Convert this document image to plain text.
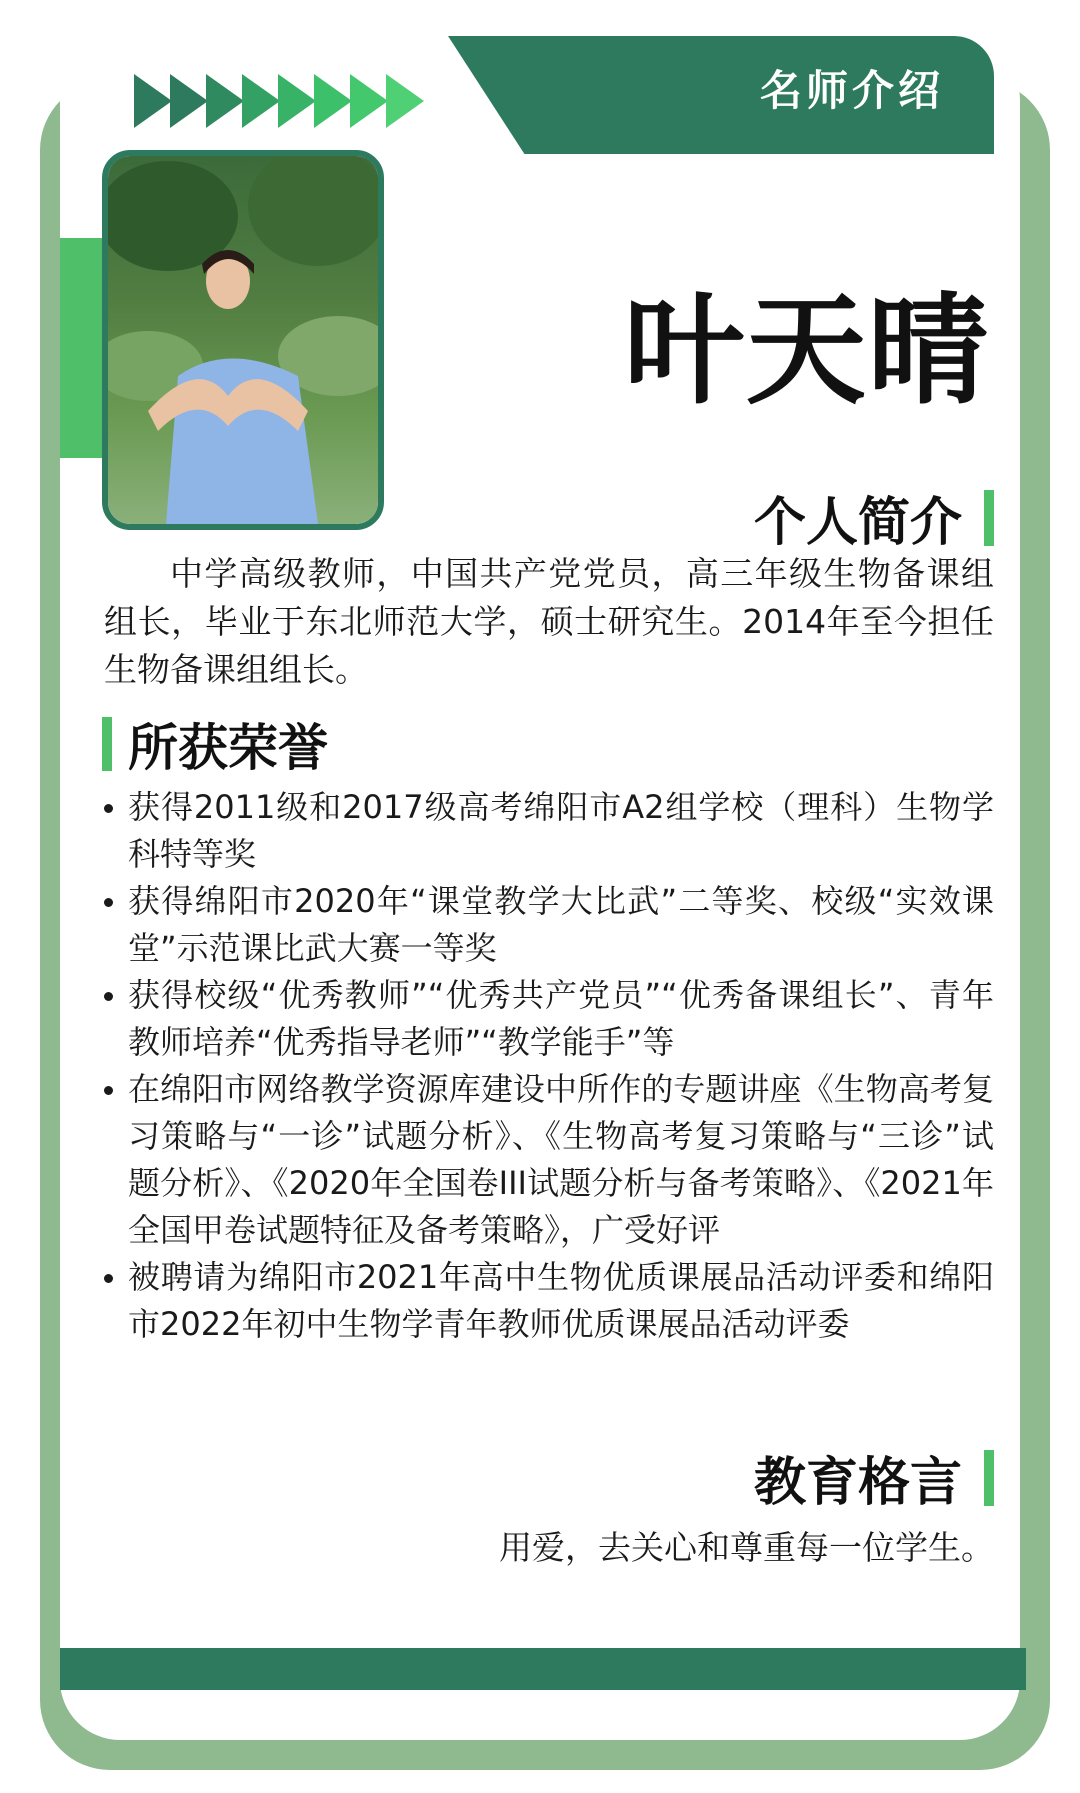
名师介绍
叶天晴
个人简介
中学高级教师，中国共产党党员，高三年级生物备课组组长，毕业于东北师范大学，硕士研究生。2014年至今担任生物备课组组长。
所获荣誉
获得2011级和2017级高考绵阳市A2组学校（理科）生物学科特等奖
获得绵阳市2020年“课堂教学大比武”二等奖、校级“实效课堂”示范课比武大赛一等奖
获得校级“优秀教师”“优秀共产党员”“优秀备课组长”、青年教师培养“优秀指导老师”“教学能手”等
在绵阳市网络教学资源库建设中所作的专题讲座《生物高考复习策略与“一诊”试题分析》、《生物高考复习策略与“三诊”试题分析》、《2020年全国卷III试题分析与备考策略》、《2021年全国甲卷试题特征及备考策略》，广受好评
被聘请为绵阳市2021年高中生物优质课展品活动评委和绵阳市2022年初中生物学青年教师优质课展品活动评委
教育格言
用爱，去关心和尊重每一位学生。
